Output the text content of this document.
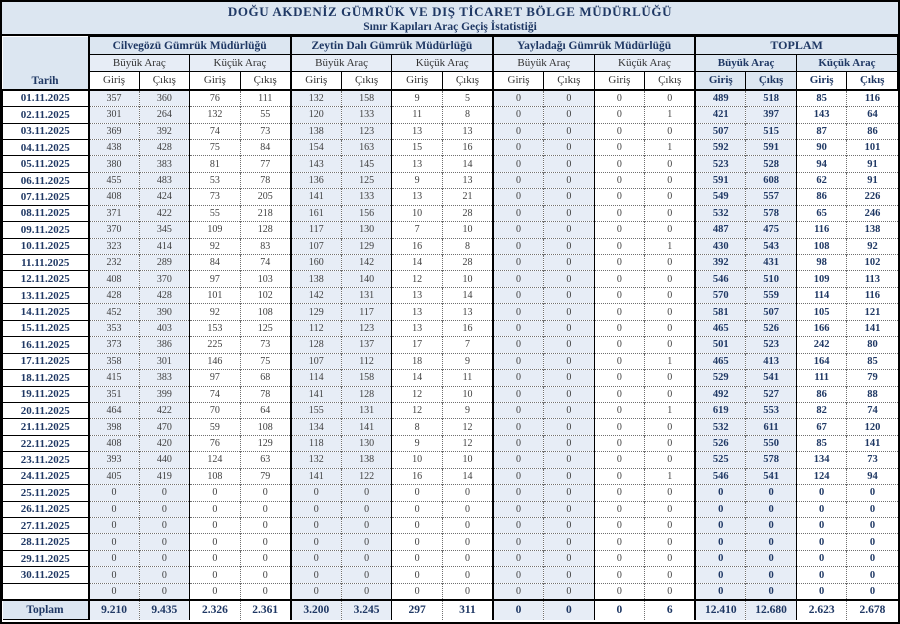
DOĞU AKDENİZ GÜMRÜK VE DIŞ TİCARET BÖLGE MÜDÜRLÜĞÜ
Sınır Kapıları Araç Geçiş İstatistiği
Tarih	Cilvegözü Gümrük Müdürlüğü				Zeytin Dalı Gümrük Müdürlüğü				Yayladağı Gümrük Müdürlüğü				TOPLAM			
	Büyük Araç		Küçük Araç		Büyük Araç		Küçük Araç		Büyük Araç		Küçük Araç		Büyük Araç		Küçük Araç	
	Giriş	Çıkış	Giriş	Çıkış	Giriş	Çıkış	Giriş	Çıkış	Giriş	Çıkış	Giriş	Çıkış	Giriş	Çıkış	Giriş	Çıkış
01.11.2025	357	360	76	111	132	158	9	5	0	0	0	0	489	518	85	116
02.11.2025	301	264	132	55	120	133	11	8	0	0	0	1	421	397	143	64
03.11.2025	369	392	74	73	138	123	13	13	0	0	0	0	507	515	87	86
04.11.2025	438	428	75	84	154	163	15	16	0	0	0	1	592	591	90	101
05.11.2025	380	383	81	77	143	145	13	14	0	0	0	0	523	528	94	91
06.11.2025	455	483	53	78	136	125	9	13	0	0	0	0	591	608	62	91
07.11.2025	408	424	73	205	141	133	13	21	0	0	0	0	549	557	86	226
08.11.2025	371	422	55	218	161	156	10	28	0	0	0	0	532	578	65	246
09.11.2025	370	345	109	128	117	130	7	10	0	0	0	0	487	475	116	138
10.11.2025	323	414	92	83	107	129	16	8	0	0	0	1	430	543	108	92
11.11.2025	232	289	84	74	160	142	14	28	0	0	0	0	392	431	98	102
12.11.2025	408	370	97	103	138	140	12	10	0	0	0	0	546	510	109	113
13.11.2025	428	428	101	102	142	131	13	14	0	0	0	0	570	559	114	116
14.11.2025	452	390	92	108	129	117	13	13	0	0	0	0	581	507	105	121
15.11.2025	353	403	153	125	112	123	13	16	0	0	0	0	465	526	166	141
16.11.2025	373	386	225	73	128	137	17	7	0	0	0	0	501	523	242	80
17.11.2025	358	301	146	75	107	112	18	9	0	0	0	1	465	413	164	85
18.11.2025	415	383	97	68	114	158	14	11	0	0	0	0	529	541	111	79
19.11.2025	351	399	74	78	141	128	12	10	0	0	0	0	492	527	86	88
20.11.2025	464	422	70	64	155	131	12	9	0	0	0	1	619	553	82	74
21.11.2025	398	470	59	108	134	141	8	12	0	0	0	0	532	611	67	120
22.11.2025	408	420	76	129	118	130	9	12	0	0	0	0	526	550	85	141
23.11.2025	393	440	124	63	132	138	10	10	0	0	0	0	525	578	134	73
24.11.2025	405	419	108	79	141	122	16	14	0	0	0	1	546	541	124	94
25.11.2025	0	0	0	0	0	0	0	0	0	0	0	0	0	0	0	0
26.11.2025	0	0	0	0	0	0	0	0	0	0	0	0	0	0	0	0
27.11.2025	0	0	0	0	0	0	0	0	0	0	0	0	0	0	0	0
28.11.2025	0	0	0	0	0	0	0	0	0	0	0	0	0	0	0	0
29.11.2025	0	0	0	0	0	0	0	0	0	0	0	0	0	0	0	0
30.11.2025	0	0	0	0	0	0	0	0	0	0	0	0	0	0	0	0
	0	0	0	0	0	0	0	0	0	0	0	0	0	0	0	0
Toplam	9.210	9.435	2.326	2.361	3.200	3.245	297	311	0	0	0	6	12.410	12.680	2.623	2.678
